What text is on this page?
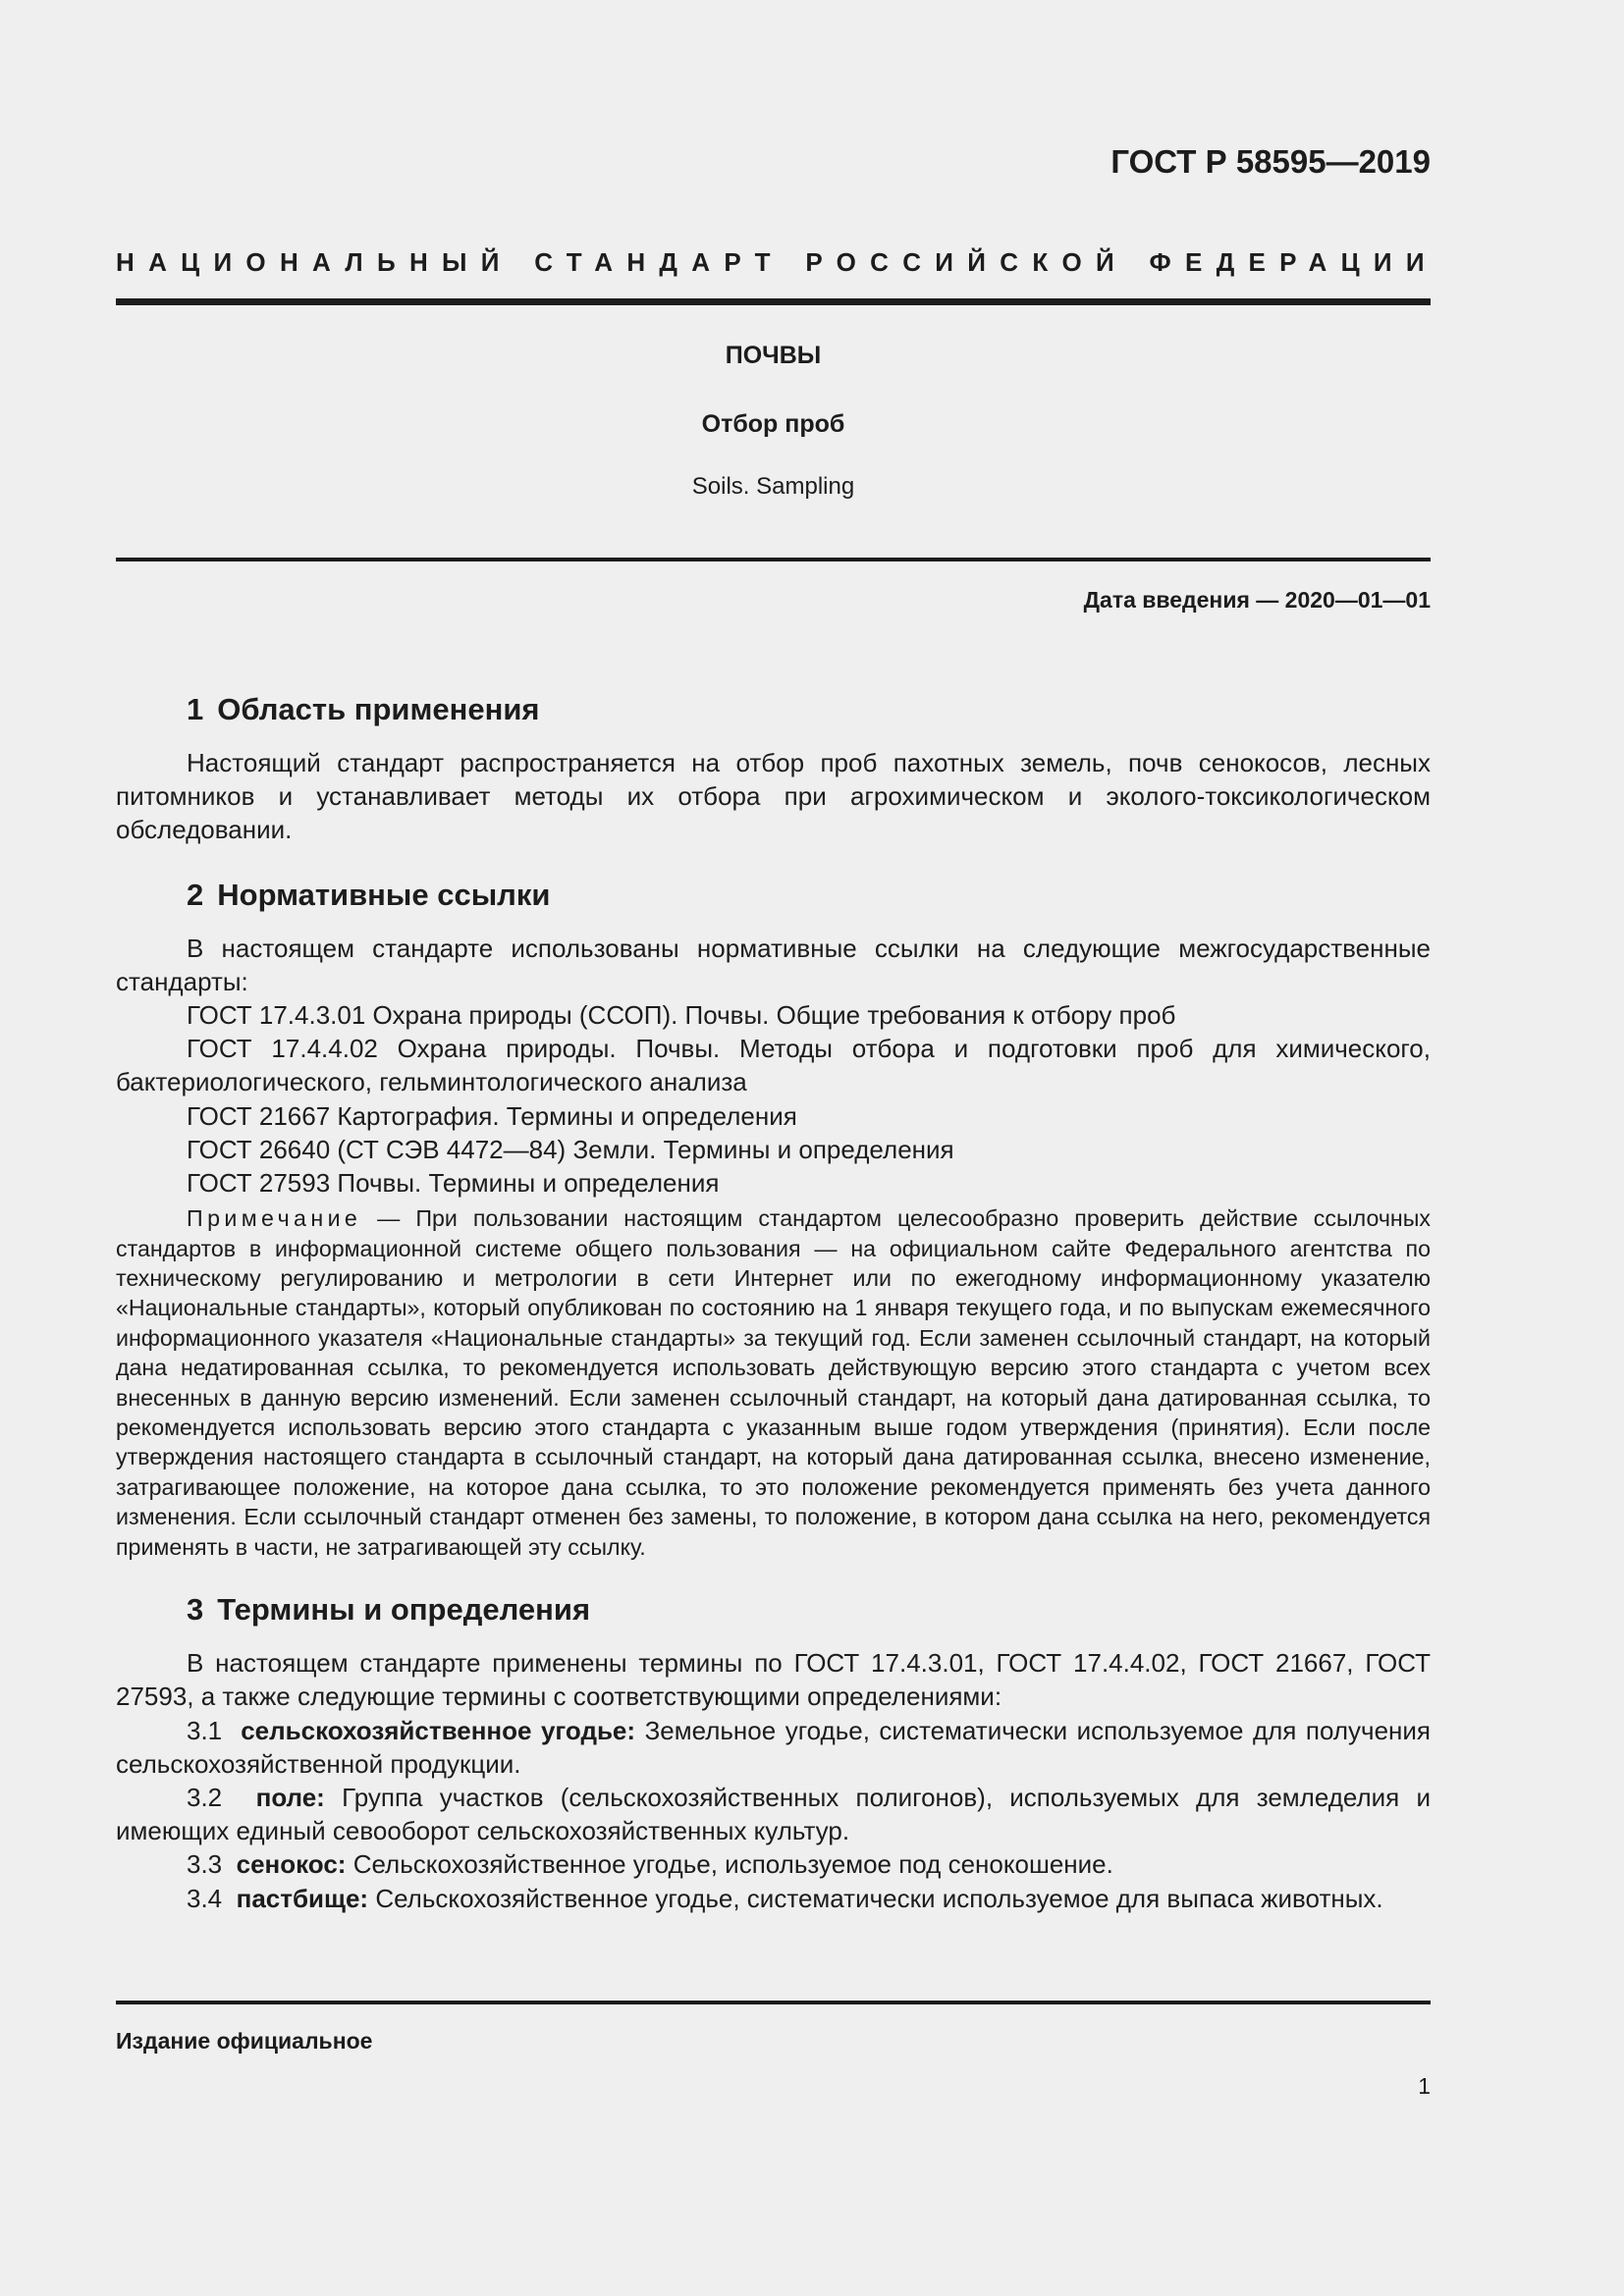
ГОСТ Р 58595—2019
НАЦИОНАЛЬНЫЙ СТАНДАРТ РОССИЙСКОЙ ФЕДЕРАЦИИ
ПОЧВЫ
Отбор проб
Soils. Sampling
Дата введения — 2020—01—01
1 Область применения

Настоящий стандарт распространяется на отбор проб пахотных земель, почв сенокосов, лесных питомников и устанавливает методы их отбора при агрохимическом и эколого-токсикологическом обследовании.

2 Нормативные ссылки

В настоящем стандарте использованы нормативные ссылки на следующие межгосударственные стандарты:

ГОСТ 17.4.3.01 Охрана природы (ССОП). Почвы. Общие требования к отбору проб

ГОСТ 17.4.4.02 Охрана природы. Почвы. Методы отбора и подготовки проб для химического, бактериологического, гельминтологического анализа

ГОСТ 21667 Картография. Термины и определения

ГОСТ 26640 (СТ СЭВ 4472—84) Земли. Термины и определения

ГОСТ 27593 Почвы. Термины и определения

Примечание — При пользовании настоящим стандартом целесообразно проверить действие ссылочных стандартов в информационной системе общего пользования — на официальном сайте Федерального агентства по техническому регулированию и метрологии в сети Интернет или по ежегодному информационному указателю «Национальные стандарты», который опубликован по состоянию на 1 января текущего года, и по выпускам ежемесячного информационного указателя «Национальные стандарты» за текущий год. Если заменен ссылочный стандарт, на который дана недатированная ссылка, то рекомендуется использовать действующую версию этого стандарта с учетом всех внесенных в данную версию изменений. Если заменен ссылочный стандарт, на который дана датированная ссылка, то рекомендуется использовать версию этого стандарта с указанным выше годом утверждения (принятия). Если после утверждения настоящего стандарта в ссылочный стандарт, на который дана датированная ссылка, внесено изменение, затрагивающее положение, на которое дана ссылка, то это положение рекомендуется применять без учета данного изменения. Если ссылочный стандарт отменен без замены, то положение, в котором дана ссылка на него, рекомендуется применять в части, не затрагивающей эту ссылку.

3 Термины и определения

В настоящем стандарте применены термины по ГОСТ 17.4.3.01, ГОСТ 17.4.4.02, ГОСТ 21667, ГОСТ 27593, а также следующие термины с соответствующими определениями:

3.1 сельскохозяйственное угодье: Земельное угодье, систематически используемое для получения сельскохозяйственной продукции.

3.2 поле: Группа участков (сельскохозяйственных полигонов), используемых для земледелия и имеющих единый севооборот сельскохозяйственных культур.

3.3 сенокос: Сельскохозяйственное угодье, используемое под сенокошение.

3.4 пастбище: Сельскохозяйственное угодье, систематически используемое для выпаса животных.

Издание официальное
1
